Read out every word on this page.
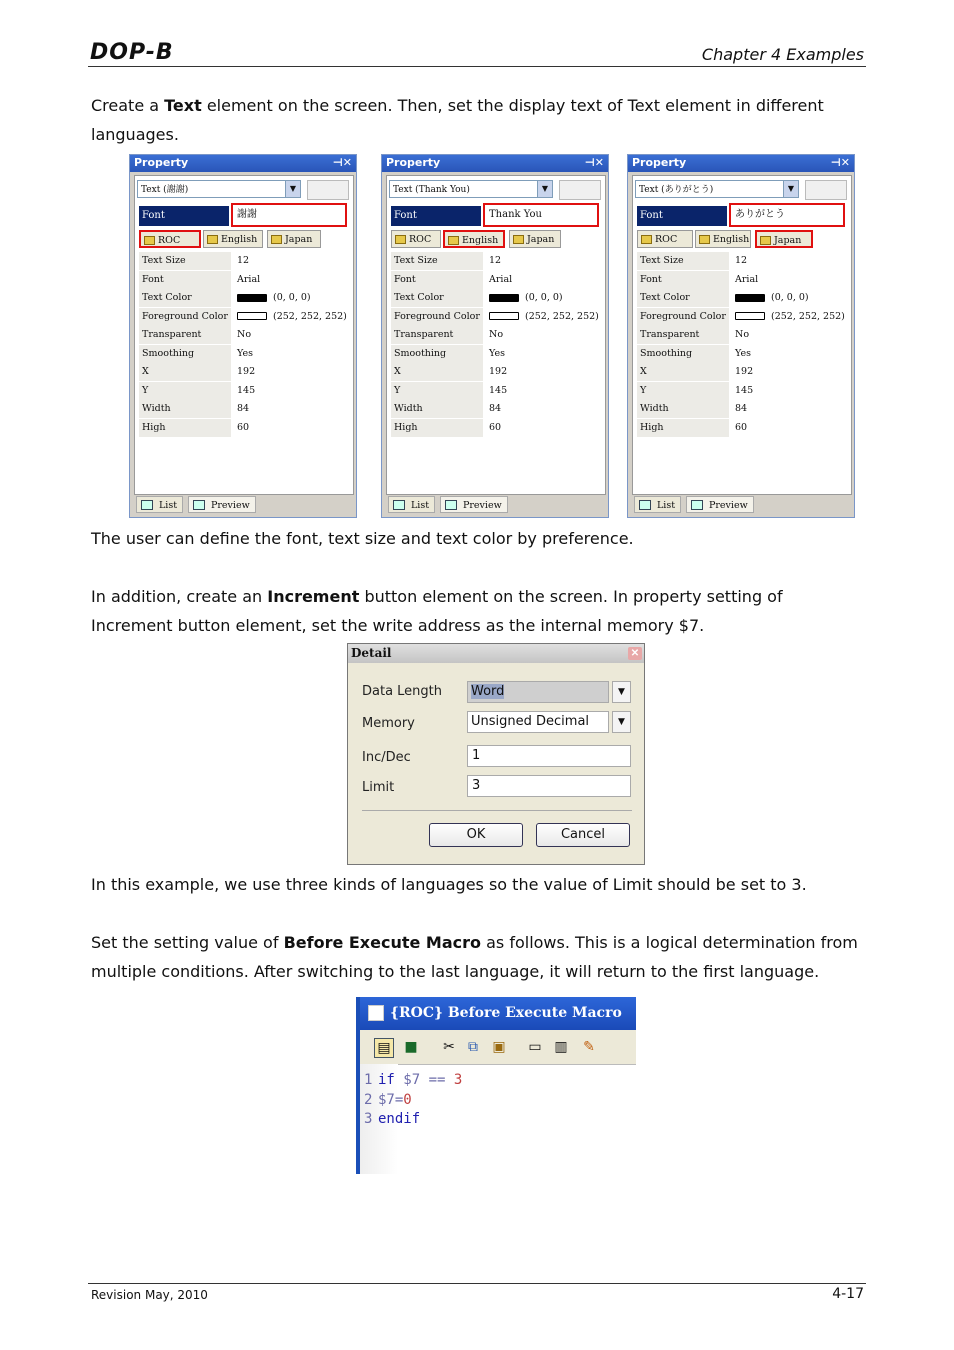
DOP-B	Chapter 4 Examples
Create a Text element on the screen. Then, set the display text of Text element in different languages.
Property	⊣✕
Text (謝謝)	▼
Font	謝謝
ROC	English	Japan
Text Size	12
Font	Arial
Text Color	(0, 0, 0)
Foreground Color	(252, 252, 252)
Transparent	No
Smoothing	Yes
X	192
Y	145
Width	84
High	60
List	Preview
Property	⊣✕
Text (Thank You)	▼
Font	Thank You
ROC	English	Japan
Text Size	12
Font	Arial
Text Color	(0, 0, 0)
Foreground Color	(252, 252, 252)
Transparent	No
Smoothing	Yes
X	192
Y	145
Width	84
High	60
List	Preview
Property	⊣✕
Text (ありがとう)	▼
Font	ありがとう
ROC	English	Japan
Text Size	12
Font	Arial
Text Color	(0, 0, 0)
Foreground Color	(252, 252, 252)
Transparent	No
Smoothing	Yes
X	192
Y	145
Width	84
High	60
List	Preview
The user can define the font, text size and text color by preference.
In addition, create an Increment button element on the screen. In property setting of Increment button element, set the write address as the internal memory $7.
Detail	✕
Data Length	Word	▼
Memory	Unsigned Decimal	▼
Inc/Dec	1
Limit	3
OK	Cancel
In this example, we use three kinds of languages so the value of Limit should be set to 3.
Set the setting value of Before Execute Macro as follows. This is a logical determination from multiple conditions. After switching to the last language, it will return to the first language.
{ROC} Before Execute Macro
▤ ■ ✂ ⧉ ▣ ▭ ▥ ✎
1 if $7 == 3
2 $7=0
3 endif
Revision May, 2010	4-17
